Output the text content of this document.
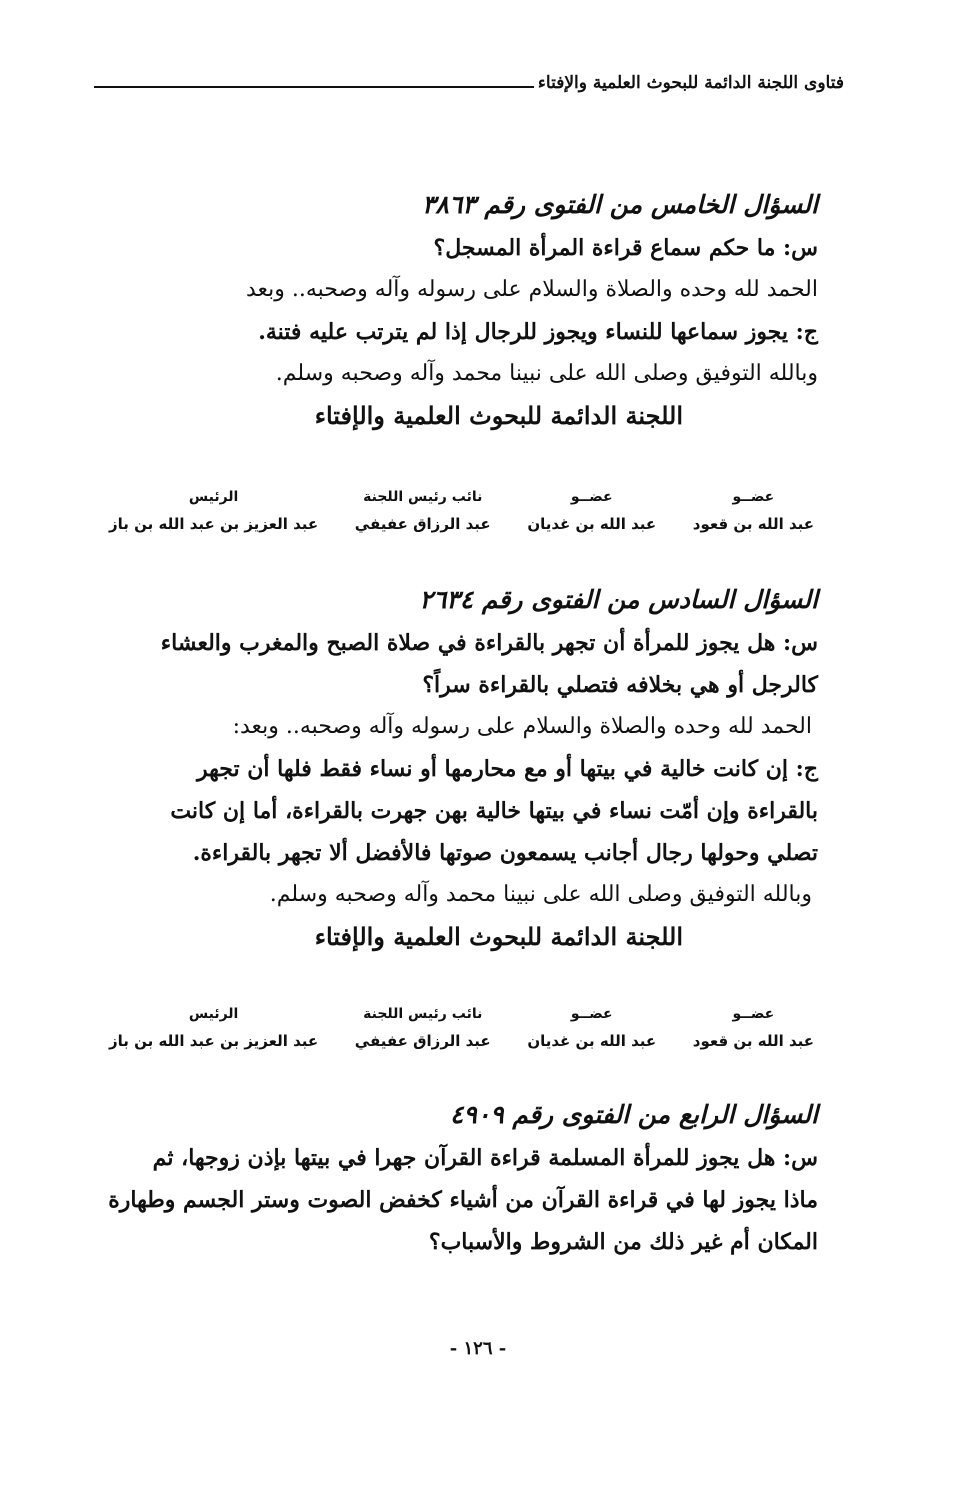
فتاوى اللجنة الدائمة للبحوث العلمية والإفتاء

السؤال الخامس من الفتوى رقم ٣٨٦٣

س: ما حكم سماع قراءة المرأة المسجل؟

الحمد لله وحده والصلاة والسلام على رسوله وآله وصحبه.. وبعد

ج: يجوز سماعها للنساء ويجوز للرجال إذا لم يترتب عليه فتنة.

وبالله التوفيق وصلى الله على نبينا محمد وآله وصحبه وسلم.

اللجنة الدائمة للبحوث العلمية والإفتاء

عضــو
عبد الله بن قعود
عضــو
عبد الله بن غديان
نائب رئيس اللجنة
عبد الرزاق عفيفي
الرئيس
عبد العزيز بن عبد الله بن باز

السؤال السادس من الفتوى رقم ٢٦٣٤

س: هل يجوز للمرأة أن تجهر بالقراءة في صلاة الصبح والمغرب والعشاء

كالرجل أو هي بخلافه فتصلي بالقراءة سراً؟

الحمد لله وحده والصلاة والسلام على رسوله وآله وصحبه.. وبعد:

ج: إن كانت خالية في بيتها أو مع محارمها أو نساء فقط فلها أن تجهر

بالقراءة وإن أمّت نساء في بيتها خالية بهن جهرت بالقراءة، أما إن كانت

تصلي وحولها رجال أجانب يسمعون صوتها فالأفضل ألا تجهر بالقراءة.

وبالله التوفيق وصلى الله على نبينا محمد وآله وصحبه وسلم.

اللجنة الدائمة للبحوث العلمية والإفتاء

عضــو
عبد الله بن قعود
عضــو
عبد الله بن غديان
نائب رئيس اللجنة
عبد الرزاق عفيفي
الرئيس
عبد العزيز بن عبد الله بن باز

السؤال الرابع من الفتوى رقم ٤٩٠٩

س: هل يجوز للمرأة المسلمة قراءة القرآن جهرا في بيتها بإذن زوجها، ثم

ماذا يجوز لها في قراءة القرآن من أشياء كخفض الصوت وستر الجسم وطهارة

المكان أم غير ذلك من الشروط والأسباب؟

- ١٢٦ -
